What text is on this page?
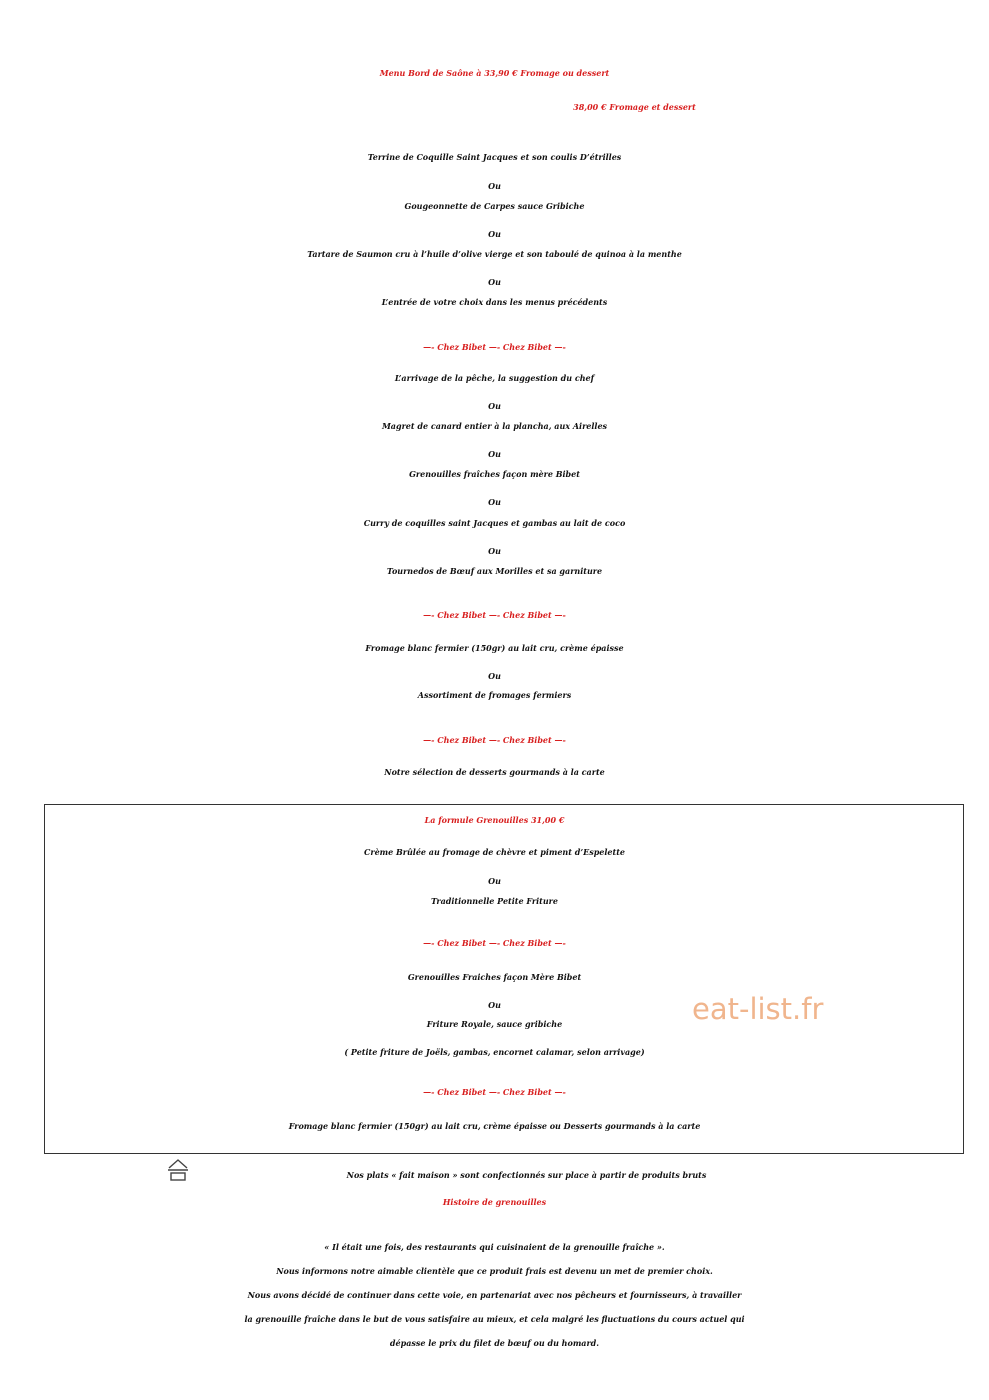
Menu Bord de Saône à 33,90 € Fromage ou dessert
38,00 € Fromage et dessert
Terrine de Coquille Saint Jacques et son coulis D’étrilles
Ou
Gougeonnette de Carpes sauce Gribiche
Ou
Tartare de Saumon cru à l’huile d’olive vierge et son taboulé de quinoa à la menthe
Ou
L’entrée de votre choix dans les menus précédents
—- Chez Bibet —- Chez Bibet —-
L’arrivage de la pêche, la suggestion du chef
Ou
Magret de canard entier à la plancha, aux Airelles
Ou
Grenouilles fraîches façon mère Bibet
Ou
Curry de coquilles saint Jacques et gambas au lait de coco
Ou
Tournedos de Bœuf aux Morilles et sa garniture
—- Chez Bibet —- Chez Bibet —-
Fromage blanc fermier (150gr) au lait cru, crème épaisse
Ou
Assortiment de fromages fermiers
—- Chez Bibet —- Chez Bibet —-
Notre sélection de desserts gourmands à la carte
La formule Grenouilles 31,00 €
Crème Brûlée au fromage de chèvre et piment d’Espelette
Ou
Traditionnelle Petite Friture
—- Chez Bibet —- Chez Bibet —-
Grenouilles Fraiches façon Mère Bibet
Ou
Friture Royale, sauce gribiche
( Petite friture de Joëls, gambas, encornet calamar, selon arrivage)
—- Chez Bibet —- Chez Bibet —-
Fromage blanc fermier (150gr) au lait cru, crème épaisse ou Desserts gourmands à la carte
eat-list.fr
Nos plats « fait maison » sont confectionnés sur place à partir de produits bruts
Histoire de grenouilles
« Il était une fois, des restaurants qui cuisinaient de la grenouille fraîche ».
Nous informons notre aimable clientèle que ce produit frais est devenu un met de premier choix.
Nous avons décidé de continuer dans cette voie, en partenariat avec nos pêcheurs et fournisseurs, à travailler
la grenouille fraîche dans le but de vous satisfaire au mieux, et cela malgré les fluctuations du cours actuel qui
dépasse le prix du filet de bœuf ou du homard.
